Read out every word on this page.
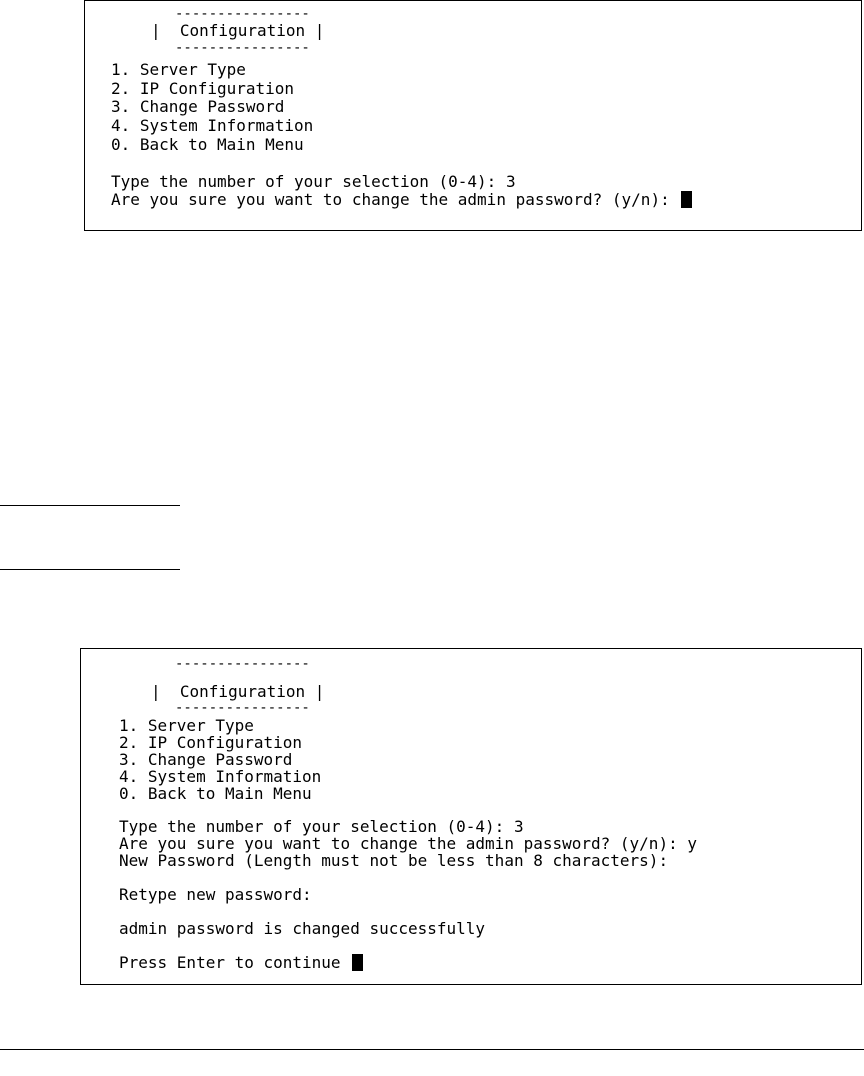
----------------
|  Configuration |
----------------
1. Server Type
2. IP Configuration
3. Change Password
4. System Information
0. Back to Main Menu
Type the number of your selection (0-4): 3
Are you sure you want to change the admin password? (y/n):
----------------
|  Configuration |
----------------
1. Server Type
2. IP Configuration
3. Change Password
4. System Information
0. Back to Main Menu
Type the number of your selection (0-4): 3
Are you sure you want to change the admin password? (y/n): y
New Password (Length must not be less than 8 characters):
Retype new password:
admin password is changed successfully
Press Enter to continue
